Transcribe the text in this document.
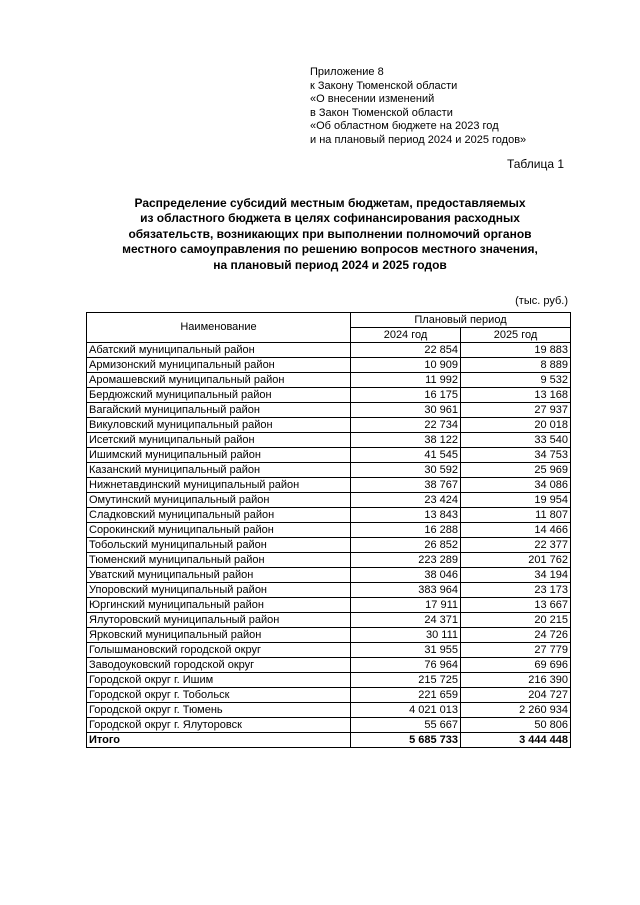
Приложение 8
к Закону Тюменской области
«О внесении изменений
в Закон Тюменской области
«Об областном бюджете на 2023 год
и на плановый период 2024 и 2025 годов»
Таблица 1
Распределение субсидий местным бюджетам, предоставляемых
из областного бюджета в целях софинансирования расходных
обязательств, возникающих при выполнении полномочий органов
местного самоуправления по решению вопросов местного значения,
на плановый период 2024 и 2025 годов
(тыс. руб.)
Наименование	Плановый период	
	2024 год	2025 год
Абатский муниципальный район	22 854	19 883
Армизонский муниципальный район	10 909	8 889
Аромашевский муниципальный район	11 992	9 532
Бердюжский муниципальный район	16 175	13 168
Вагайский муниципальный район	30 961	27 937
Викуловский муниципальный район	22 734	20 018
Исетский муниципальный район	38 122	33 540
Ишимский муниципальный район	41 545	34 753
Казанский муниципальный район	30 592	25 969
Нижнетавдинский муниципальный район	38 767	34 086
Омутинский муниципальный район	23 424	19 954
Сладковский муниципальный район	13 843	11 807
Сорокинский муниципальный район	16 288	14 466
Тобольский муниципальный район	26 852	22 377
Тюменский муниципальный район	223 289	201 762
Уватский муниципальный район	38 046	34 194
Упоровский муниципальный район	383 964	23 173
Юргинский муниципальный район	17 911	13 667
Ялуторовский муниципальный район	24 371	20 215
Ярковский муниципальный район	30 111	24 726
Голышмановский городской округ	31 955	27 779
Заводоуковский городской округ	76 964	69 696
Городской округ г. Ишим	215 725	216 390
Городской округ г. Тобольск	221 659	204 727
Городской округ г. Тюмень	4 021 013	2 260 934
Городской округ г. Ялуторовск	55 667	50 806
Итого	5 685 733	3 444 448
